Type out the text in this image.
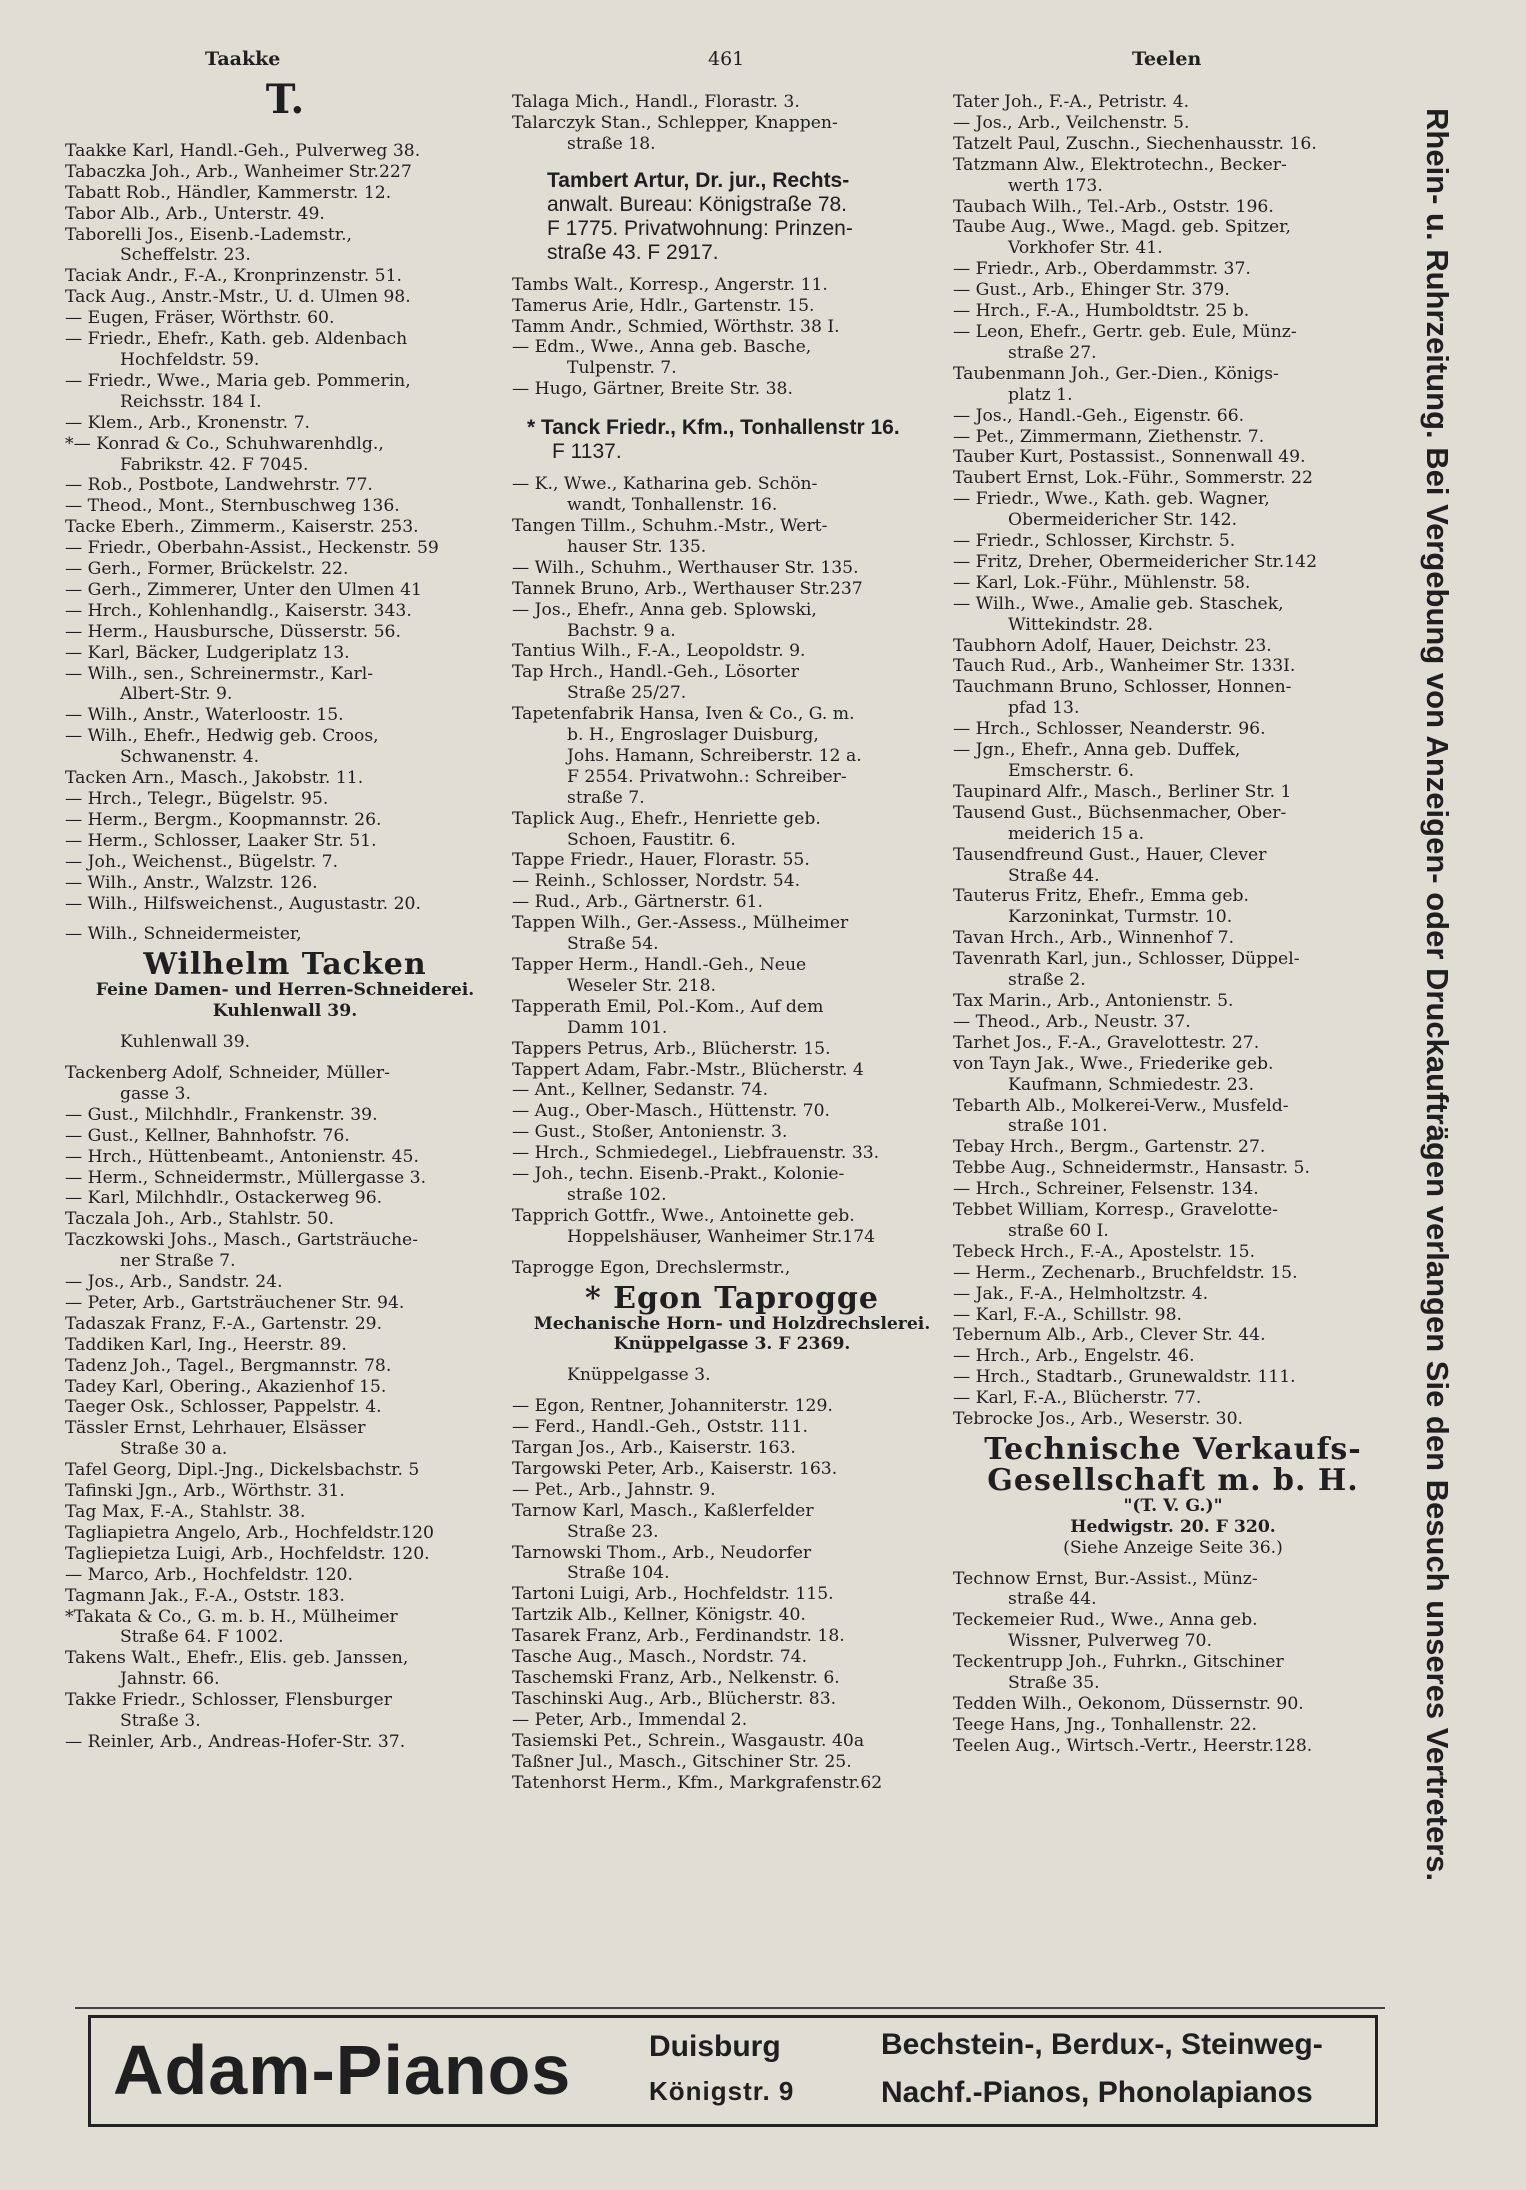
Taakke	461	Teelen
T.
Taakke Karl, Handl.-Geh., Pulverweg 38.
Tabaczka Joh., Arb., Wanheimer Str.227
Tabatt Rob., Händler, Kammerstr. 12.
Tabor Alb., Arb., Unterstr. 49.
Taborelli Jos., Eisenb.-Lademstr.,
Scheffelstr. 23.
Taciak Andr., F.-A., Kronprinzenstr. 51.
Tack Aug., Anstr.-Mstr., U. d. Ulmen 98.
— Eugen, Fräser, Wörthstr. 60.
— Friedr., Ehefr., Kath. geb. Aldenbach
Hochfeldstr. 59.
— Friedr., Wwe., Maria geb. Pommerin,
Reichsstr. 184 I.
— Klem., Arb., Kronenstr. 7.
*— Konrad & Co., Schuhwarenhdlg.,
Fabrikstr. 42. F 7045.
— Rob., Postbote, Landwehrstr. 77.
— Theod., Mont., Sternbuschweg 136.
Tacke Eberh., Zimmerm., Kaiserstr. 253.
— Friedr., Oberbahn-Assist., Heckenstr. 59
— Gerh., Former, Brückelstr. 22.
— Gerh., Zimmerer, Unter den Ulmen 41
— Hrch., Kohlenhandlg., Kaiserstr. 343.
— Herm., Hausbursche, Düsserstr. 56.
— Karl, Bäcker, Ludgeriplatz 13.
— Wilh., sen., Schreinermstr., Karl-
Albert-Str. 9.
— Wilh., Anstr., Waterloostr. 15.
— Wilh., Ehefr., Hedwig geb. Croos,
Schwanenstr. 4.
Tacken Arn., Masch., Jakobstr. 11.
— Hrch., Telegr., Bügelstr. 95.
— Herm., Bergm., Koopmannstr. 26.
— Herm., Schlosser, Laaker Str. 51.
— Joh., Weichenst., Bügelstr. 7.
— Wilh., Anstr., Walzstr. 126.
— Wilh., Hilfsweichenst., Augustastr. 20.
— Wilh., Schneidermeister,
Wilhelm Tacken
Feine Damen- und Herren-Schneiderei.
Kuhlenwall 39.
Kuhlenwall 39.
Tackenberg Adolf, Schneider, Müller-
gasse 3.
— Gust., Milchhdlr., Frankenstr. 39.
— Gust., Kellner, Bahnhofstr. 76.
— Hrch., Hüttenbeamt., Antonienstr. 45.
— Herm., Schneidermstr., Müllergasse 3.
— Karl, Milchhdlr., Ostackerweg 96.
Taczala Joh., Arb., Stahlstr. 50.
Taczkowski Johs., Masch., Gartsträuche-
ner Straße 7.
— Jos., Arb., Sandstr. 24.
— Peter, Arb., Gartsträuchener Str. 94.
Tadaszak Franz, F.-A., Gartenstr. 29.
Taddiken Karl, Ing., Heerstr. 89.
Tadenz Joh., Tagel., Bergmannstr. 78.
Tadey Karl, Obering., Akazienhof 15.
Taeger Osk., Schlosser, Pappelstr. 4.
Tässler Ernst, Lehrhauer, Elsässer
Straße 30 a.
Tafel Georg, Dipl.-Jng., Dickelsbachstr. 5
Tafinski Jgn., Arb., Wörthstr. 31.
Tag Max, F.-A., Stahlstr. 38.
Tagliapietra Angelo, Arb., Hochfeldstr.120
Tagliepietza Luigi, Arb., Hochfeldstr. 120.
— Marco, Arb., Hochfeldstr. 120.
Tagmann Jak., F.-A., Oststr. 183.
*Takata & Co., G. m. b. H., Mülheimer
Straße 64. F 1002.
Takens Walt., Ehefr., Elis. geb. Janssen,
Jahnstr. 66.
Takke Friedr., Schlosser, Flensburger
Straße 3.
— Reinler, Arb., Andreas-Hofer-Str. 37.
Talaga Mich., Handl., Florastr. 3.
Talarczyk Stan., Schlepper, Knappen-
straße 18.
Tambert Artur, Dr. jur., Rechts-
anwalt. Bureau: Königstraße 78.
F 1775. Privatwohnung: Prinzen-
straße 43. F 2917.
Tambs Walt., Korresp., Angerstr. 11.
Tamerus Arie, Hdlr., Gartenstr. 15.
Tamm Andr., Schmied, Wörthstr. 38 I.
— Edm., Wwe., Anna geb. Basche,
Tulpenstr. 7.
— Hugo, Gärtner, Breite Str. 38.
* Tanck Friedr., Kfm., Tonhallenstr 16.
F 1137.
— K., Wwe., Katharina geb. Schön-
wandt, Tonhallenstr. 16.
Tangen Tillm., Schuhm.-Mstr., Wert-
hauser Str. 135.
— Wilh., Schuhm., Werthauser Str. 135.
Tannek Bruno, Arb., Werthauser Str.237
— Jos., Ehefr., Anna geb. Splowski,
Bachstr. 9 a.
Tantius Wilh., F.-A., Leopoldstr. 9.
Tap Hrch., Handl.-Geh., Lösorter
Straße 25/27.
Tapetenfabrik Hansa, Iven & Co., G. m.
b. H., Engroslager Duisburg,
Johs. Hamann, Schreiberstr. 12 a.
F 2554. Privatwohn.: Schreiber-
straße 7.
Taplick Aug., Ehefr., Henriette geb.
Schoen, Faustitr. 6.
Tappe Friedr., Hauer, Florastr. 55.
— Reinh., Schlosser, Nordstr. 54.
— Rud., Arb., Gärtnerstr. 61.
Tappen Wilh., Ger.-Assess., Mülheimer
Straße 54.
Tapper Herm., Handl.-Geh., Neue
Weseler Str. 218.
Tapperath Emil, Pol.-Kom., Auf dem
Damm 101.
Tappers Petrus, Arb., Blücherstr. 15.
Tappert Adam, Fabr.-Mstr., Blücherstr. 4
— Ant., Kellner, Sedanstr. 74.
— Aug., Ober-Masch., Hüttenstr. 70.
— Gust., Stoßer, Antonienstr. 3.
— Hrch., Schmiedegel., Liebfrauenstr. 33.
— Joh., techn. Eisenb.-Prakt., Kolonie-
straße 102.
Tapprich Gottfr., Wwe., Antoinette geb.
Hoppelshäuser, Wanheimer Str.174
Taprogge Egon, Drechslermstr.,
* Egon Taprogge
Mechanische Horn- und Holzdrechslerei.
Knüppelgasse 3. F 2369.
Knüppelgasse 3.
— Egon, Rentner, Johanniterstr. 129.
— Ferd., Handl.-Geh., Oststr. 111.
Targan Jos., Arb., Kaiserstr. 163.
Targowski Peter, Arb., Kaiserstr. 163.
— Pet., Arb., Jahnstr. 9.
Tarnow Karl, Masch., Kaßlerfelder
Straße 23.
Tarnowski Thom., Arb., Neudorfer
Straße 104.
Tartoni Luigi, Arb., Hochfeldstr. 115.
Tartzik Alb., Kellner, Königstr. 40.
Tasarek Franz, Arb., Ferdinandstr. 18.
Tasche Aug., Masch., Nordstr. 74.
Taschemski Franz, Arb., Nelkenstr. 6.
Taschinski Aug., Arb., Blücherstr. 83.
— Peter, Arb., Immendal 2.
Tasiemski Pet., Schrein., Wasgaustr. 40a
Taßner Jul., Masch., Gitschiner Str. 25.
Tatenhorst Herm., Kfm., Markgrafenstr.62
Tater Joh., F.-A., Petristr. 4.
— Jos., Arb., Veilchenstr. 5.
Tatzelt Paul, Zuschn., Siechenhausstr. 16.
Tatzmann Alw., Elektrotechn., Becker-
werth 173.
Taubach Wilh., Tel.-Arb., Oststr. 196.
Taube Aug., Wwe., Magd. geb. Spitzer,
Vorkhofer Str. 41.
— Friedr., Arb., Oberdammstr. 37.
— Gust., Arb., Ehinger Str. 379.
— Hrch., F.-A., Humboldtstr. 25 b.
— Leon, Ehefr., Gertr. geb. Eule, Münz-
straße 27.
Taubenmann Joh., Ger.-Dien., Königs-
platz 1.
— Jos., Handl.-Geh., Eigenstr. 66.
— Pet., Zimmermann, Ziethenstr. 7.
Tauber Kurt, Postassist., Sonnenwall 49.
Taubert Ernst, Lok.-Führ., Sommerstr. 22
— Friedr., Wwe., Kath. geb. Wagner,
Obermeidericher Str. 142.
— Friedr., Schlosser, Kirchstr. 5.
— Fritz, Dreher, Obermeidericher Str.142
— Karl, Lok.-Führ., Mühlenstr. 58.
— Wilh., Wwe., Amalie geb. Staschek,
Wittekindstr. 28.
Taubhorn Adolf, Hauer, Deichstr. 23.
Tauch Rud., Arb., Wanheimer Str. 133I.
Tauchmann Bruno, Schlosser, Honnen-
pfad 13.
— Hrch., Schlosser, Neanderstr. 96.
— Jgn., Ehefr., Anna geb. Duffek,
Emscherstr. 6.
Taupinard Alfr., Masch., Berliner Str. 1
Tausend Gust., Büchsenmacher, Ober-
meiderich 15 a.
Tausendfreund Gust., Hauer, Clever
Straße 44.
Tauterus Fritz, Ehefr., Emma geb.
Karzoninkat, Turmstr. 10.
Tavan Hrch., Arb., Winnenhof 7.
Tavenrath Karl, jun., Schlosser, Düppel-
straße 2.
Tax Marin., Arb., Antonienstr. 5.
— Theod., Arb., Neustr. 37.
Tarhet Jos., F.-A., Gravelottestr. 27.
von Tayn Jak., Wwe., Friederike geb.
Kaufmann, Schmiedestr. 23.
Tebarth Alb., Molkerei-Verw., Musfeld-
straße 101.
Tebay Hrch., Bergm., Gartenstr. 27.
Tebbe Aug., Schneidermstr., Hansastr. 5.
— Hrch., Schreiner, Felsenstr. 134.
Tebbet William, Korresp., Gravelotte-
straße 60 I.
Tebeck Hrch., F.-A., Apostelstr. 15.
— Herm., Zechenarb., Bruchfeldstr. 15.
— Jak., F.-A., Helmholtzstr. 4.
— Karl, F.-A., Schillstr. 98.
Tebernum Alb., Arb., Clever Str. 44.
— Hrch., Arb., Engelstr. 46.
— Hrch., Stadtarb., Grunewaldstr. 111.
— Karl, F.-A., Blücherstr. 77.
Tebrocke Jos., Arb., Weserstr. 30.
Technische Verkaufs-
Gesellschaft m. b. H.
"(T. V. G.)"
Hedwigstr. 20. F 320.
(Siehe Anzeige Seite 36.)
Technow Ernst, Bur.-Assist., Münz-
straße 44.
Teckemeier Rud., Wwe., Anna geb.
Wissner, Pulverweg 70.
Teckentrupp Joh., Fuhrkn., Gitschiner
Straße 35.
Tedden Wilh., Oekonom, Düssernstr. 90.
Teege Hans, Jng., Tonhallenstr. 22.
Teelen Aug., Wirtsch.-Vertr., Heerstr.128.	Rhein- u. Ruhrzeitung. Bei Vergebung von Anzeigen- oder Druckaufträgen verlangen Sie den Besuch unseres Vertreters.
Adam-Pianos	Duisburg
Königstr. 9
Bechstein-, Berdux-, Steinweg-
Nachf.-Pianos, Phonolapianos
